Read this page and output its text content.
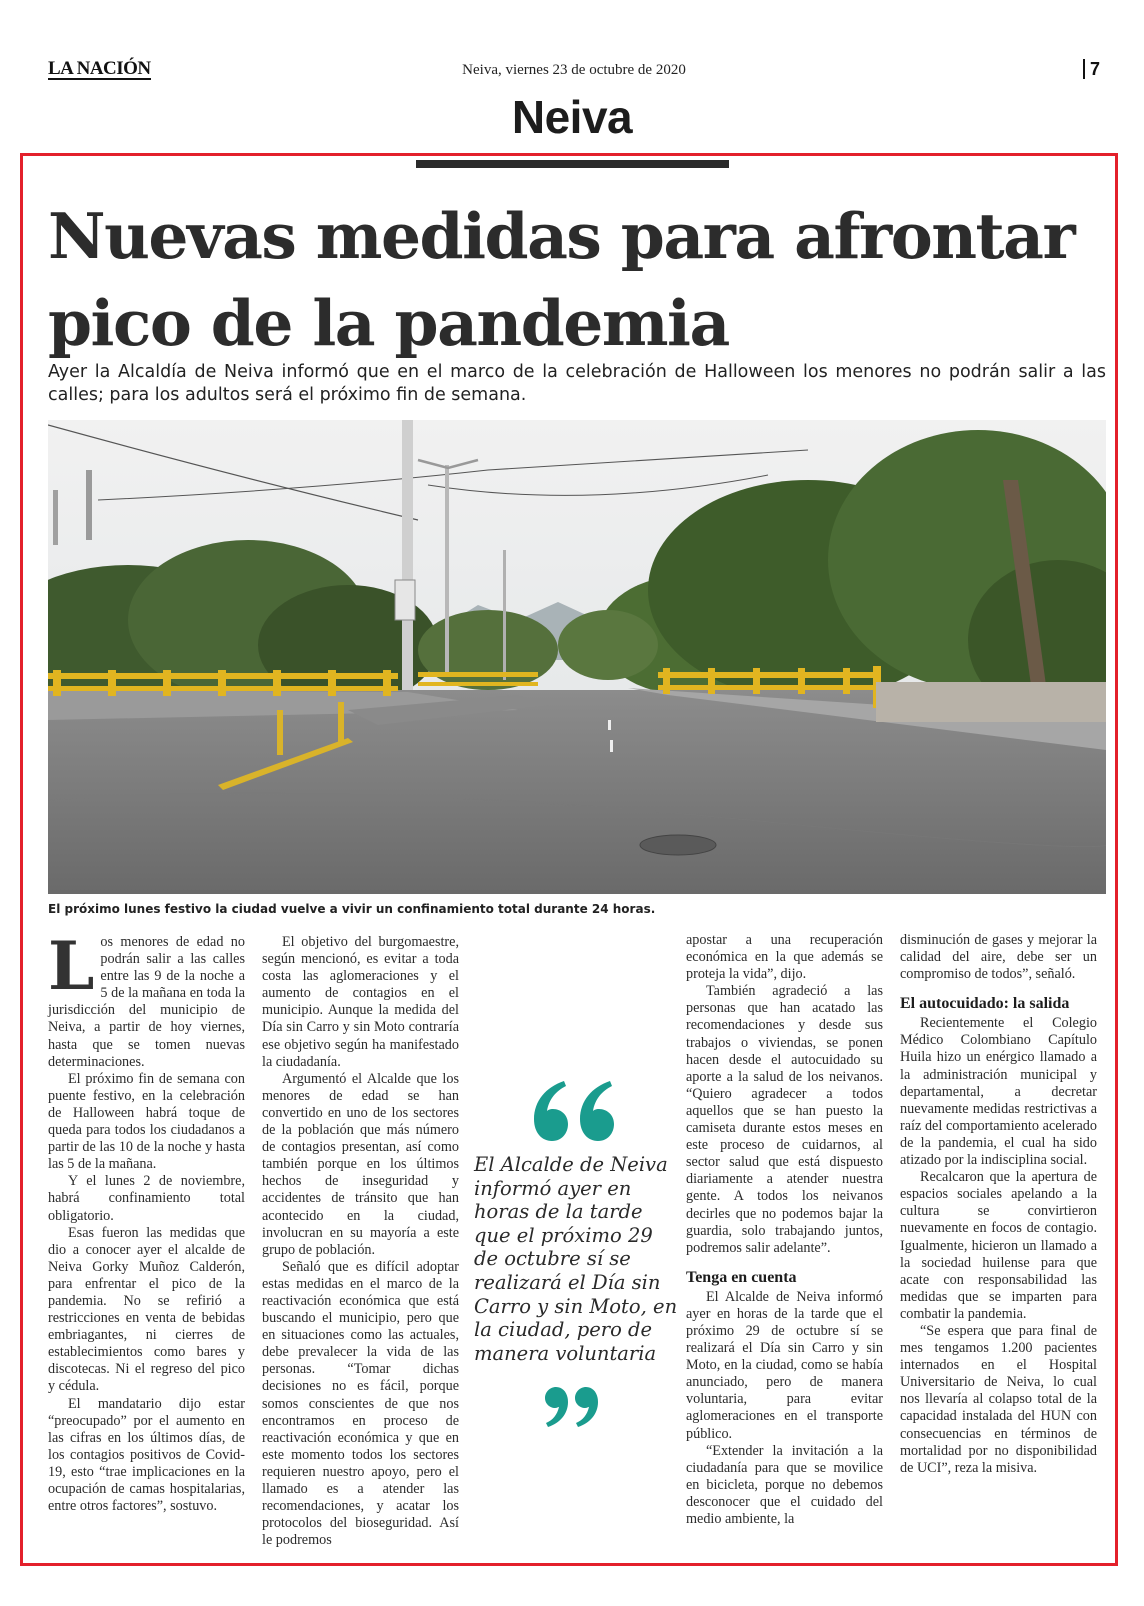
LA NACIÓN	Neiva, viernes 23 de octubre de 2020	7
Neiva
Nuevas medidas para afrontar pico de la pandemia

Ayer la Alcaldía de Neiva informó que en el marco de la celebración de Halloween los menores no podrán salir a las calles; para los adultos será el próximo fin de semana.

El próximo lunes festivo la ciudad vuelve a vivir un confinamiento total durante 24 horas.

Los menores de edad no podrán salir a las calles entre las 9 de la noche a 5 de la mañana en toda la jurisdicción del municipio de Neiva, a partir de hoy viernes, hasta que se tomen nuevas determinaciones.

El próximo fin de semana con puente festivo, en la celebración de Halloween habrá toque de queda para todos los ciudadanos a partir de las 10 de la noche y hasta las 5 de la mañana.

Y el lunes 2 de noviembre, habrá confinamiento total obligatorio.

Esas fueron las medidas que dio a conocer ayer el alcalde de Neiva Gorky Muñoz Calderón, para enfrentar el pico de la pandemia. No se refirió a restricciones en venta de bebidas embriagantes, ni cierres de establecimientos como bares y discotecas. Ni el regreso del pico y cédula.

El mandatario dijo estar “preocupado” por el aumento en las cifras en los últimos días, de los contagios positivos de Covid-19, esto “trae implicaciones en la ocupación de camas hospitalarias, entre otros factores”, sostuvo.

El objetivo del burgomaestre, según mencionó, es evitar a toda costa las aglomeraciones y el aumento de contagios en el municipio. Aunque la medida del Día sin Carro y sin Moto contraría ese objetivo según ha manifestado la ciudadanía.

Argumentó el Alcalde que los menores de edad se han convertido en uno de los sectores de la población que más número de contagios presentan, así como también porque en los últimos hechos de inseguridad y accidentes de tránsito que han acontecido en la ciudad, involucran en su mayoría a este grupo de población.

Señaló que es difícil adoptar estas medidas en el marco de la reactivación económica que está buscando el municipio, pero que en situaciones como las actuales, debe prevalecer la vida de las personas. “Tomar dichas decisiones no es fácil, porque somos conscientes de que nos encontramos en proceso de reactivación económica y que en este momento todos los sectores requieren nuestro apoyo, pero el llamado es a atender las recomendaciones, y acatar los protocolos del bioseguridad. Así le podremos

El Alcalde de Neiva informó ayer en horas de la tarde que el próximo 29 de octubre sí se realizará el Día sin Carro y sin Moto, en la ciudad, pero de manera voluntaria

apostar a una recuperación económica en la que además se proteja la vida”, dijo.

También agradeció a las personas que han acatado las recomendaciones y desde sus trabajos o viviendas, se ponen hacen desde el autocuidado su aporte a la salud de los neivanos. “Quiero agradecer a todos aquellos que se han puesto la camiseta durante estos meses en este proceso de cuidarnos, al sector salud que está dispuesto diariamente a atender nuestra gente. A todos los neivanos decirles que no podemos bajar la guardia, solo trabajando juntos, podremos salir adelante”.

Tenga en cuenta

El Alcalde de Neiva informó ayer en horas de la tarde que el próximo 29 de octubre sí se realizará el Día sin Carro y sin Moto, en la ciudad, como se había anunciado, pero de manera voluntaria, para evitar aglomeraciones en el transporte público.

“Extender la invitación a la ciudadanía para que se movilice en bicicleta, porque no debemos desconocer que el cuidado del medio ambiente, la

disminución de gases y mejorar la calidad del aire, debe ser un compromiso de todos”, señaló.

El autocuidado: la salida

Recientemente el Colegio Médico Colombiano Capítulo Huila hizo un enérgico llamado a la administración municipal y departamental, a decretar nuevamente medidas restrictivas a raíz del comportamiento acelerado de la pandemia, el cual ha sido atizado por la indisciplina social.

Recalcaron que la apertura de espacios sociales apelando a la cultura se convirtieron nuevamente en focos de contagio. Igualmente, hicieron un llamado a la sociedad huilense para que acate con responsabilidad las medidas que se imparten para combatir la pandemia.

“Se espera que para final de mes tengamos 1.200 pacientes internados en el Hospital Universitario de Neiva, lo cual nos llevaría al colapso total de la capacidad instalada del HUN con consecuencias en términos de mortalidad por no disponibilidad de UCI”, reza la misiva.
